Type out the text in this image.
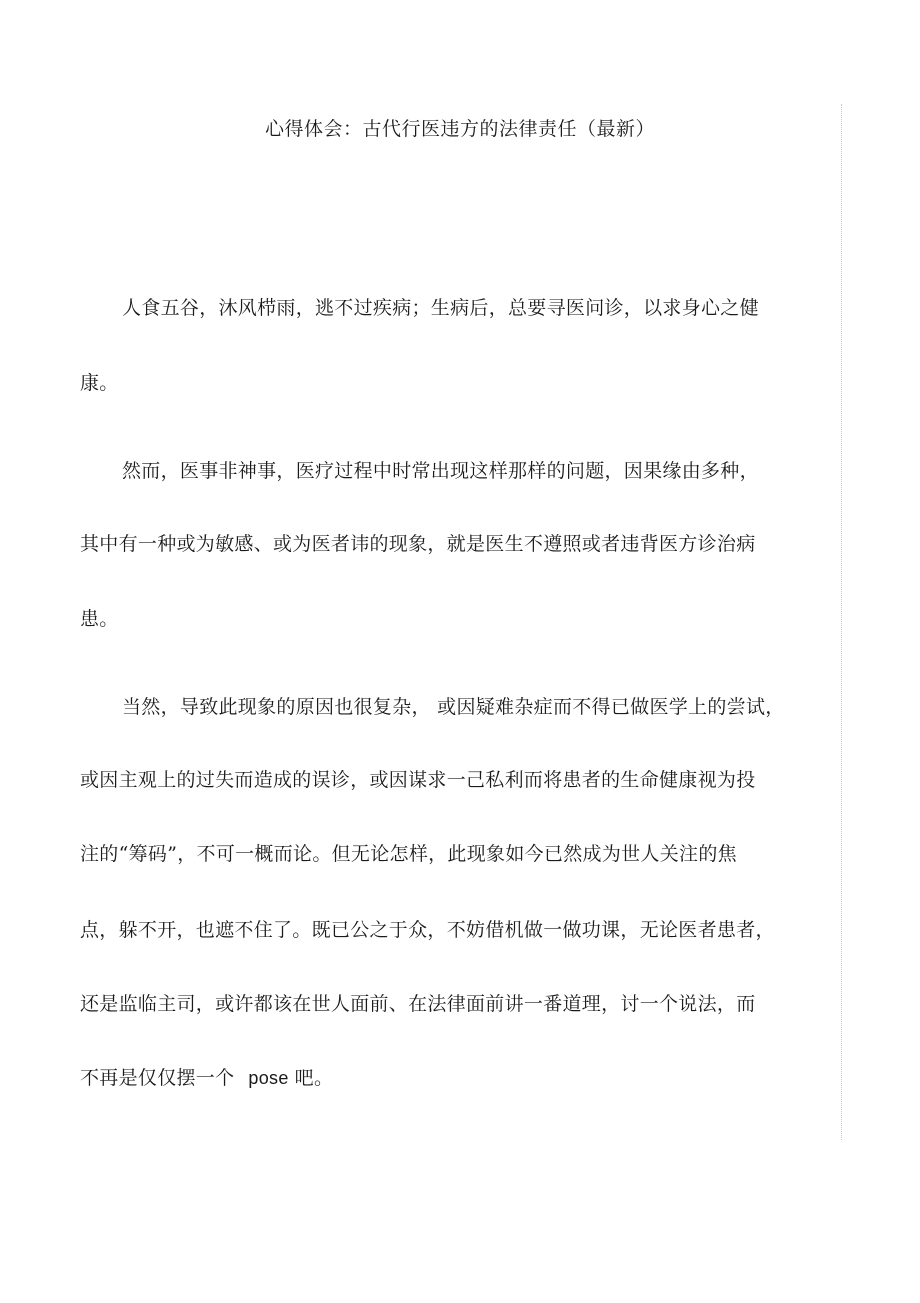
心得体会：古代行医违方的法律责任（最新）
人食五谷，沐风栉雨，逃不过疾病；生病后，总要寻医问诊，以求身心之健
康。
然而，医事非神事，医疗过程中时常出现这样那样的问题，因果缘由多种，
其中有一种或为敏感、或为医者讳的现象，就是医生不遵照或者违背医方诊治病
患。
当然，导致此现象的原因也很复杂， 或因疑难杂症而不得已做医学上的尝试，
或因主观上的过失而造成的误诊，或因谋求一己私利而将患者的生命健康视为投
注的“筹码”，不可一概而论。但无论怎样，此现象如今已然成为世人关注的焦
点，躲不开，也遮不住了。既已公之于众，不妨借机做一做功课，无论医者患者，
还是监临主司，或许都该在世人面前、在法律面前讲一番道理，讨一个说法，而
不再是仅仅摆一个 pose 吧。
